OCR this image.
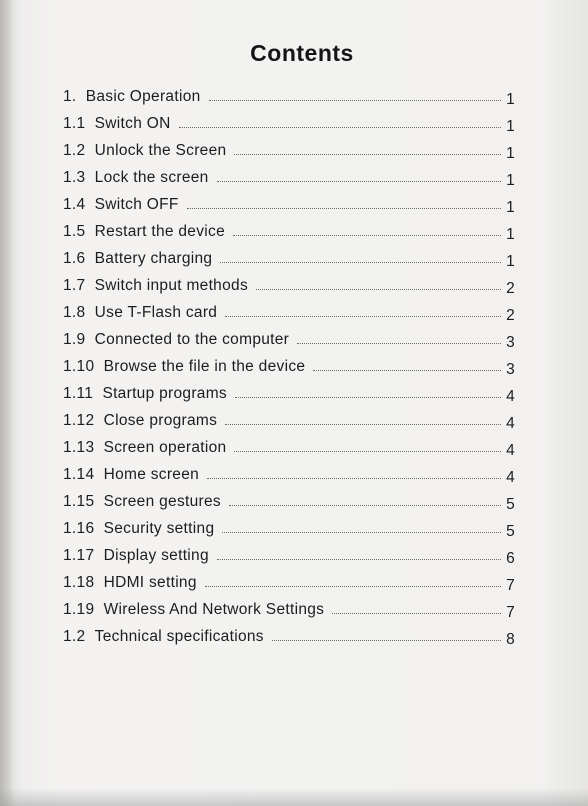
Contents
1. Basic Operation	1
1.1 Switch ON	1
1.2 Unlock the Screen	1
1.3 Lock the screen	1
1.4 Switch OFF	1
1.5 Restart the device	1
1.6 Battery charging	1
1.7 Switch input methods	2
1.8 Use T-Flash card	2
1.9 Connected to the computer	3
1.10 Browse the file in the device	3
1.11 Startup programs	4
1.12 Close programs	4
1.13 Screen operation	4
1.14 Home screen	4
1.15 Screen gestures	5
1.16 Security setting	5
1.17 Display setting	6
1.18 HDMI setting	7
1.19 Wireless And Network Settings	7
1.2 Technical specifications	8
